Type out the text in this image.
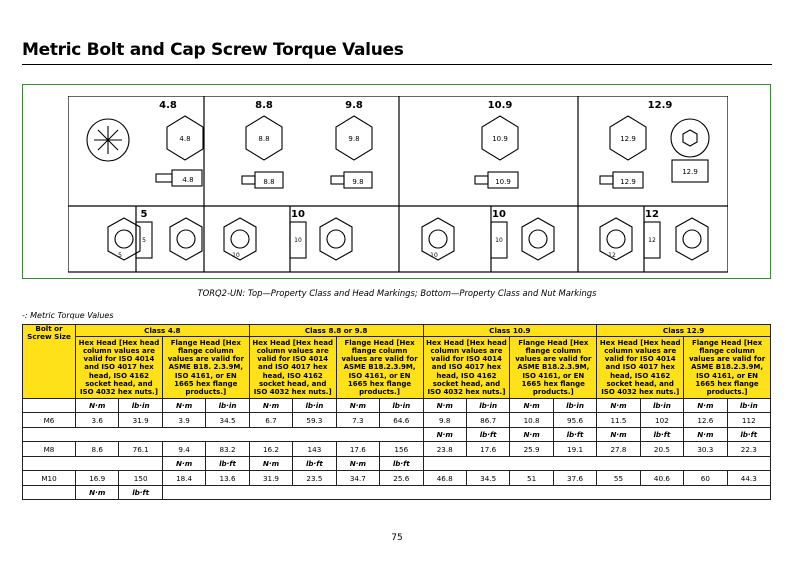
Metric Bolt and Cap Screw Torque Values
4.8	8.8	9.8	10.9	12.9
4.8
4.8
8.8
8.8
9.8
9.8
10.9
10.9
12.9
12.9
12.9
5	10	10	12
5
5
10
10
10
10
12
12
TORQ2-UN: Top—Property Class and Head Markings; Bottom—Property Class and Nut Markings
-: Metric Torque Values
Bolt or Screw Size	Class 4.8				Class 8.8 or 9.8				Class 10.9				Class 12.9			
	Hex Head [Hex head column values are valid for ISO 4014 and ISO 4017 hex head, ISO 4162 socket head, and ISO 4032 hex nuts.]		Flange Head [Hex flange column values are valid for ASME B18. 2.3.9M, ISO 4161, or EN 1665 hex flange products.]		Hex Head [Hex head column values are valid for ISO 4014 and ISO 4017 hex head, ISO 4162 socket head, and ISO 4032 hex nuts.]		Flange Head [Hex flange column values are valid for ASME B18.2.3.9M, ISO 4161, or EN 1665 hex flange products.]		Hex Head [Hex head column values are valid for ISO 4014 and ISO 4017 hex head, ISO 4162 socket head, and ISO 4032 hex nuts.]		Flange Head [Hex flange column values are valid for ASME B18.2.3.9M, ISO 4161, or EN 1665 hex flange products.]		Hex Head [Hex head column values are valid for ISO 4014 and ISO 4017 hex head, ISO 4162 socket head, and ISO 4032 hex nuts.]		Flange Head [Hex flange column values are valid for ASME B18.2.3.9M, ISO 4161, or EN 1665 hex flange products.]	
	N·m	lb·in	N·m	lb·in	N·m	lb·in	N·m	lb·in	N·m	lb·in	N·m	lb·in	N·m	lb·in	N·m	lb·in
M6	3.6	31.9	3.9	34.5	6.7	59.3	7.3	64.6	9.8	86.7	10.8	95.6	11.5	102	12.6	112
									N·m	lb·ft	N·m	lb·ft	N·m	lb·ft	N·m	lb·ft
M8	8.6	76.1	9.4	83.2	16.2	143	17.6	156	23.8	17.6	25.9	19.1	27.8	20.5	30.3	22.3
			N·m	lb·ft	N·m	lb·ft	N·m	lb·ft								
M10	16.9	150	18.4	13.6	31.9	23.5	34.7	25.6	46.8	34.5	51	37.6	55	40.6	60	44.3
	N·m	lb·ft														
75
